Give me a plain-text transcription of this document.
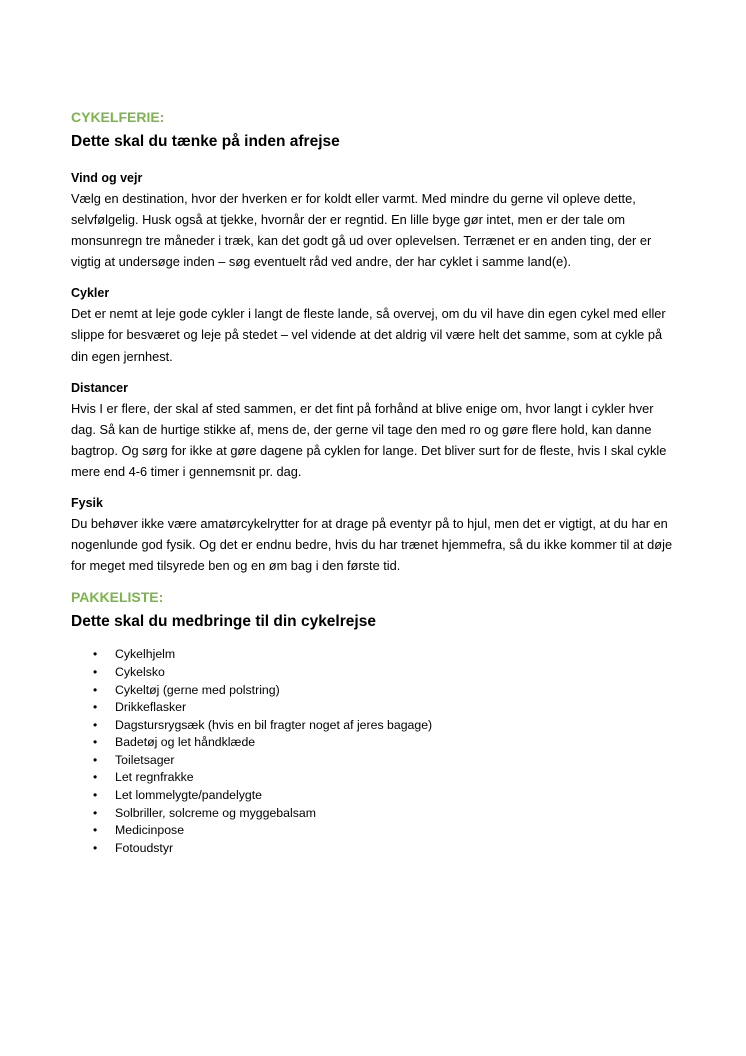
CYKELFERIE:
Dette skal du tænke på inden afrejse
Vind og vejr

Vælg en destination, hvor der hverken er for koldt eller varmt. Med mindre du gerne vil opleve dette, selvfølgelig. Husk også at tjekke, hvornår der er regntid. En lille byge gør intet, men er der tale om monsunregn tre måneder i træk, kan det godt gå ud over oplevelsen. Terrænet er en anden ting, der er vigtig at undersøge inden – søg eventuelt råd ved andre, der har cyklet i samme land(e).

Cykler

Det er nemt at leje gode cykler i langt de fleste lande, så overvej, om du vil have din egen cykel med eller slippe for besværet og leje på stedet – vel vidende at det aldrig vil være helt det samme, som at cykle på din egen jernhest.

Distancer

Hvis I er flere, der skal af sted sammen, er det fint på forhånd at blive enige om, hvor langt i cykler hver dag. Så kan de hurtige stikke af, mens de, der gerne vil tage den med ro og gøre flere hold, kan danne bagtrop. Og sørg for ikke at gøre dagene på cyklen for lange. Det bliver surt for de fleste, hvis I skal cykle mere end 4-6 timer i gennemsnit pr. dag.

Fysik

Du behøver ikke være amatørcykelrytter for at drage på eventyr på to hjul, men det er vigtigt, at du har en nogenlunde god fysik. Og det er endnu bedre, hvis du har trænet hjemmefra, så du ikke kommer til at døje for meget med tilsyrede ben og en øm bag i den første tid.

PAKKELISTE:
Dette skal du medbringe til din cykelrejse
• Cykelhjelm
• Cykelsko
• Cykeltøj (gerne med polstring)
• Drikkeflasker
• Dagstursrygsæk (hvis en bil fragter noget af jeres bagage)
• Badetøj og let håndklæde
• Toiletsager
• Let regnfrakke
• Let lommelygte/pandelygte
• Solbriller, solcreme og myggebalsam
• Medicinpose
• Fotoudstyr
